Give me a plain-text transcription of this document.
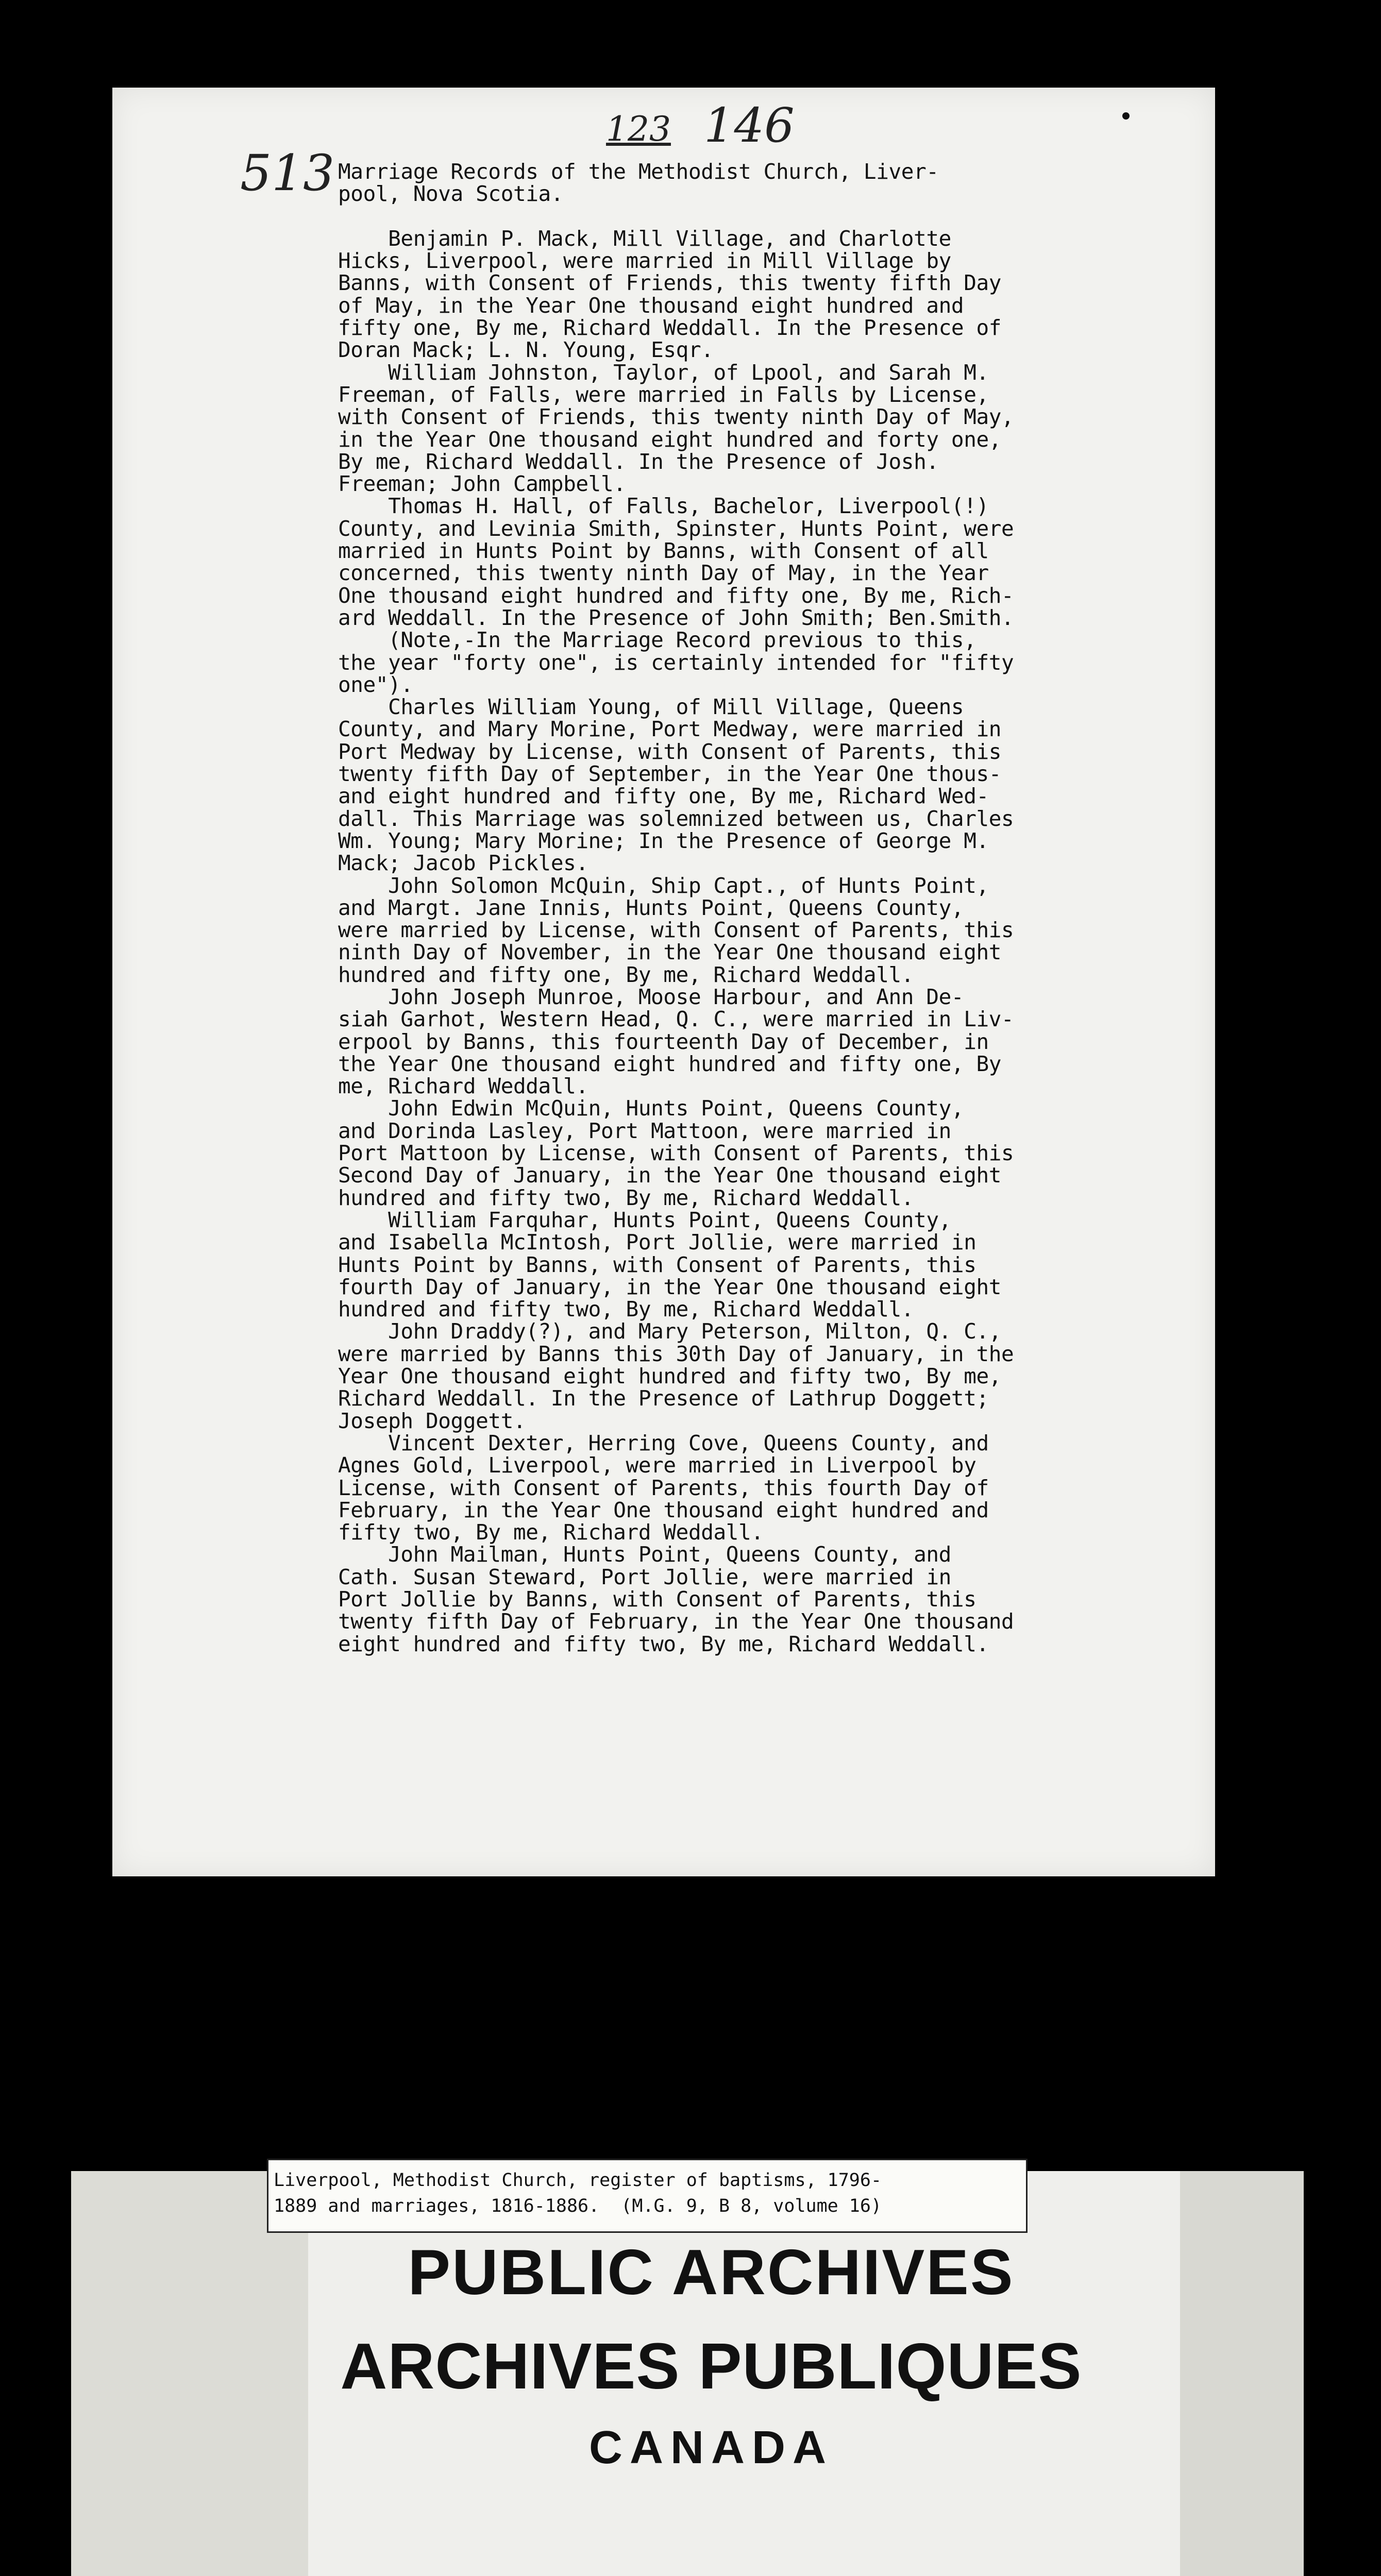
513
123 146
Marriage Records of the Methodist Church, Liver-
pool, Nova Scotia.
Benjamin P. Mack, Mill Village, and Charlotte
Hicks, Liverpool, were married in Mill Village by
Banns, with Consent of Friends, this twenty fifth Day
of May, in the Year One thousand eight hundred and
fifty one, By me, Richard Weddall. In the Presence of
Doran Mack; L. N. Young, Esqr.
William Johnston, Taylor, of Lpool, and Sarah M.
Freeman, of Falls, were married in Falls by License,
with Consent of Friends, this twenty ninth Day of May,
in the Year One thousand eight hundred and forty one,
By me, Richard Weddall. In the Presence of Josh.
Freeman; John Campbell.
Thomas H. Hall, of Falls, Bachelor, Liverpool(!)
County, and Levinia Smith, Spinster, Hunts Point, were
married in Hunts Point by Banns, with Consent of all
concerned, this twenty ninth Day of May, in the Year
One thousand eight hundred and fifty one, By me, Rich-
ard Weddall. In the Presence of John Smith; Ben.Smith.
(Note,-In the Marriage Record previous to this,
the year "forty one", is certainly intended for "fifty
one").
Charles William Young, of Mill Village, Queens
County, and Mary Morine, Port Medway, were married in
Port Medway by License, with Consent of Parents, this
twenty fifth Day of September, in the Year One thous-
and eight hundred and fifty one, By me, Richard Wed-
dall. This Marriage was solemnized between us, Charles
Wm. Young; Mary Morine; In the Presence of George M.
Mack; Jacob Pickles.
John Solomon McQuin, Ship Capt., of Hunts Point,
and Margt. Jane Innis, Hunts Point, Queens County,
were married by License, with Consent of Parents, this
ninth Day of November, in the Year One thousand eight
hundred and fifty one, By me, Richard Weddall.
John Joseph Munroe, Moose Harbour, and Ann De-
siah Garhot, Western Head, Q. C., were married in Liv-
erpool by Banns, this fourteenth Day of December, in
the Year One thousand eight hundred and fifty one, By
me, Richard Weddall.
John Edwin McQuin, Hunts Point, Queens County,
and Dorinda Lasley, Port Mattoon, were married in
Port Mattoon by License, with Consent of Parents, this
Second Day of January, in the Year One thousand eight
hundred and fifty two, By me, Richard Weddall.
William Farquhar, Hunts Point, Queens County,
and Isabella McIntosh, Port Jollie, were married in
Hunts Point by Banns, with Consent of Parents, this
fourth Day of January, in the Year One thousand eight
hundred and fifty two, By me, Richard Weddall.
John Draddy(?), and Mary Peterson, Milton, Q. C.,
were married by Banns this 30th Day of January, in the
Year One thousand eight hundred and fifty two, By me,
Richard Weddall. In the Presence of Lathrup Doggett;
Joseph Doggett.
Vincent Dexter, Herring Cove, Queens County, and
Agnes Gold, Liverpool, were married in Liverpool by
License, with Consent of Parents, this fourth Day of
February, in the Year One thousand eight hundred and
fifty two, By me, Richard Weddall.
John Mailman, Hunts Point, Queens County, and
Cath. Susan Steward, Port Jollie, were married in
Port Jollie by Banns, with Consent of Parents, this
twenty fifth Day of February, in the Year One thousand
eight hundred and fifty two, By me, Richard Weddall.
Liverpool, Methodist Church, register of baptisms, 1796-
1889 and marriages, 1816-1886.  (M.G. 9, B 8, volume 16)
PUBLIC ARCHIVES
ARCHIVES PUBLIQUES
CANADA
